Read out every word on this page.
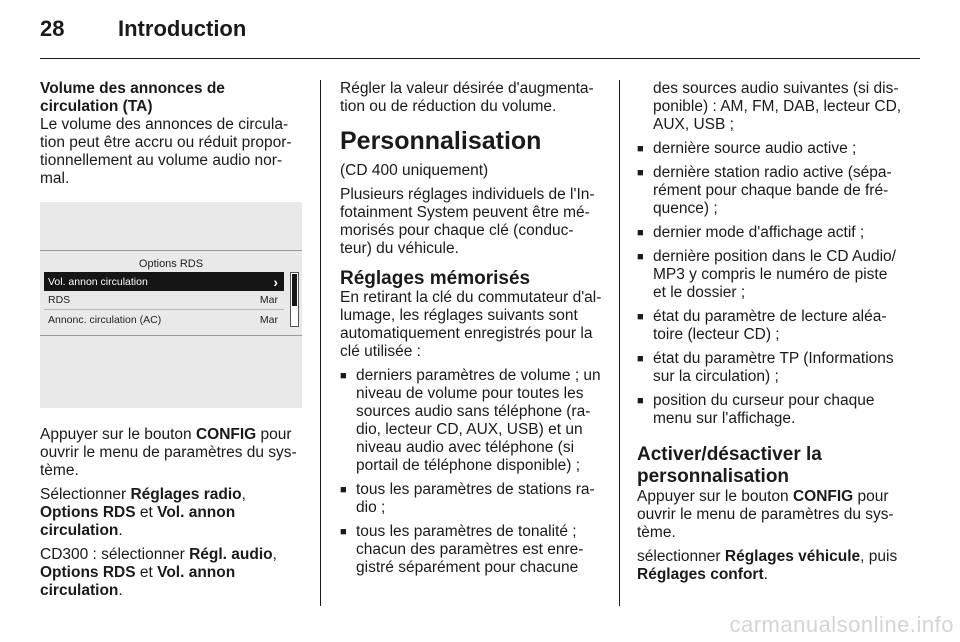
28	Introduction
Volume des annonces de circulation (TA)

Le volume des annonces de circula-tion peut être accru ou réduit propor-tionnellement au volume audio nor-mal.

Options RDS
Vol. annon circulation	›
RDS	Mar
Annonc. circulation (AC)	Mar

Appuyer sur le bouton CONFIG pour ouvrir le menu de paramètres du sys-tème.

Sélectionner Réglages radio, Options RDS et Vol. annon circulation.

CD300 : sélectionner Régl. audio, Options RDS et Vol. annon circulation.

Régler la valeur désirée d'augmenta-tion ou de réduction du volume.

Personnalisation

(CD 400 uniquement)

Plusieurs réglages individuels de l'In-fotainment System peuvent être mé-morisés pour chaque clé (conduc-teur) du véhicule.

Réglages mémorisés

En retirant la clé du commutateur d'al-lumage, les réglages suivants sont automatiquement enregistrés pour la clé utilisée :

■ derniers paramètres de volume ; un niveau de volume pour toutes les sources audio sans téléphone (ra-dio, lecteur CD, AUX, USB) et un niveau audio avec téléphone (si portail de téléphone disponible) ;
■ tous les paramètres de stations ra-dio ;
■ tous les paramètres de tonalité ; chacun des paramètres est enre-gistré séparément pour chacune

des sources audio suivantes (si dis-ponible) : AM, FM, DAB, lecteur CD, AUX, USB ;

■ dernière source audio active ;
■ dernière station radio active (sépa-rément pour chaque bande de fré-quence) ;
■ dernier mode d'affichage actif ;
■ dernière position dans le CD Audio/ MP3 y compris le numéro de piste et le dossier ;
■ état du paramètre de lecture aléa-toire (lecteur CD) ;
■ état du paramètre TP (Informations sur la circulation) ;
■ position du curseur pour chaque menu sur l'affichage.
Activer/désactiver la personnalisation

Appuyer sur le bouton CONFIG pour ouvrir le menu de paramètres du sys-tème.

sélectionner Réglages véhicule, puis Réglages confort.

carmanualsonline.info
